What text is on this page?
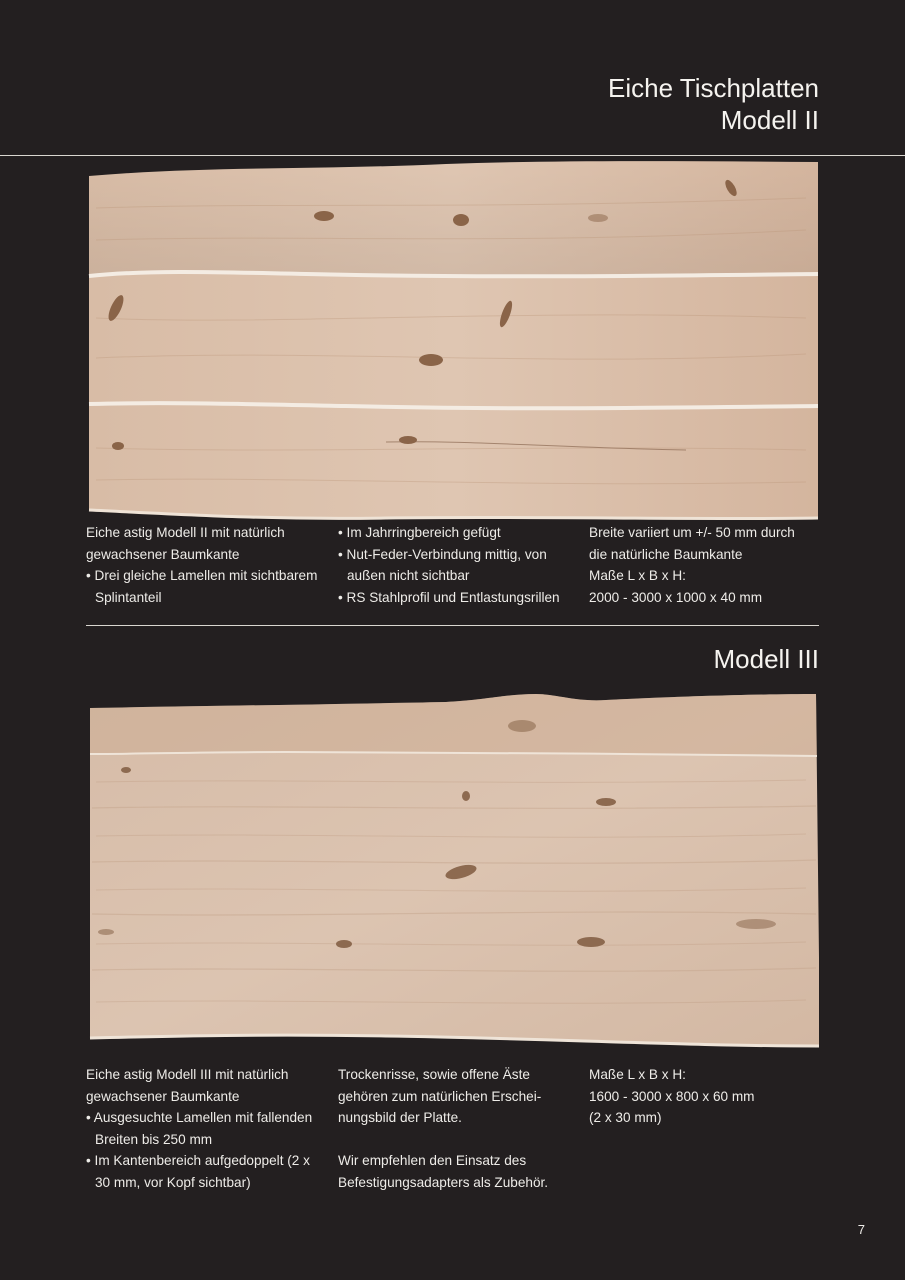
Eiche Tischplatten
Modell II

Eiche astig Modell II mit natürlich

gewachsener Baumkante

• Drei gleiche Lamellen mit sichtbarem Splintanteil

• Im Jahrringbereich gefügt

• Nut-Feder-Verbindung mittig, von außen nicht sichtbar

• RS Stahlprofil und Entlastungsrillen

Breite variiert um +/- 50 mm durch

die natürliche Baumkante

Maße L x B x H:

2000 - 3000 x 1000 x 40 mm

Modell III

Eiche astig Modell III mit natürlich

gewachsener Baumkante

• Ausgesuchte Lamellen mit fallenden Breiten bis 250 mm

• Im Kantenbereich aufgedoppelt (2 x 30 mm, vor Kopf sichtbar)

Trockenrisse, sowie offene Äste

gehören zum natürlichen Erschei-

nungsbild der Platte.

Wir empfehlen den Einsatz des

Befestigungsadapters als Zubehör.

Maße L x B x H:

1600 - 3000 x 800 x 60 mm

(2 x 30 mm)

7
